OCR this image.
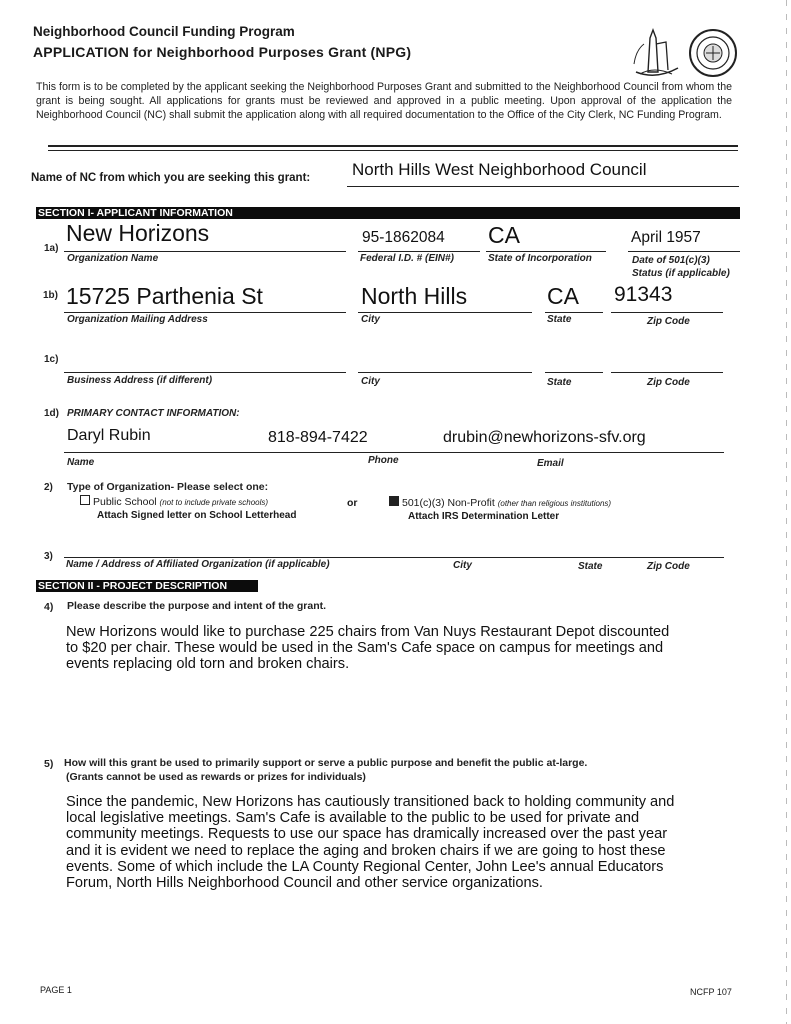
Neighborhood Council Funding Program
APPLICATION for Neighborhood Purposes Grant (NPG)
This form is to be completed by the applicant seeking the Neighborhood Purposes Grant and submitted to the Neighborhood Council from whom the grant is being sought. All applications for grants must be reviewed and approved in a public meeting. Upon approval of the application the Neighborhood Council (NC) shall submit the application along with all required documentation to the Office of the City Clerk, NC Funding Program.
Name of NC from which you are seeking this grant: North Hills West Neighborhood Council
SECTION I- APPLICANT INFORMATION
1a)
New Horizons
Organization Name
95-1862084
Federal I.D. # (EIN#)
CA
State of Incorporation
April 1957
Date of 501(c)(3)
Status (if applicable)
1b) 15725 Parthenia St
Organization Mailing Address
North Hills
City
CA
State
91343
Zip Code
1c)
Business Address (if different)	City	State	Zip Code
1d) PRIMARY CONTACT INFORMATION:
Daryl Rubin	818-894-7422	drubin@newhorizons-sfv.org
Name	Phone	Email
2) Type of Organization- Please select one:
Public School (not to include private schools)
Attach Signed letter on School Letterhead
or	501(c)(3) Non-Profit (other than religious institutions)
Attach IRS Determination Letter
3)
Name / Address of Affiliated Organization (if applicable)	City	State	Zip Code
SECTION II - PROJECT DESCRIPTION
4) Please describe the purpose and intent of the grant.
New Horizons would like to purchase 225 chairs from Van Nuys Restaurant Depot discounted
to $20 per chair. These would be used in the Sam's Cafe space on campus for meetings and
events replacing old torn and broken chairs.
5) How will this grant be used to primarily support or serve a public purpose and benefit the public at-large.
(Grants cannot be used as rewards or prizes for individuals)
Since the pandemic, New Horizons has cautiously transitioned back to holding community and
local legislative meetings. Sam's Cafe is available to the public to be used for private and
community meetings. Requests to use our space has dramically increased over the past year
and it is evident we need to replace the aging and broken chairs if we are going to host these
events. Some of which include the LA County Regional Center, John Lee's annual Educators
Forum, North Hills Neighborhood Council and other service organizations.
PAGE 1	NCFP 107
